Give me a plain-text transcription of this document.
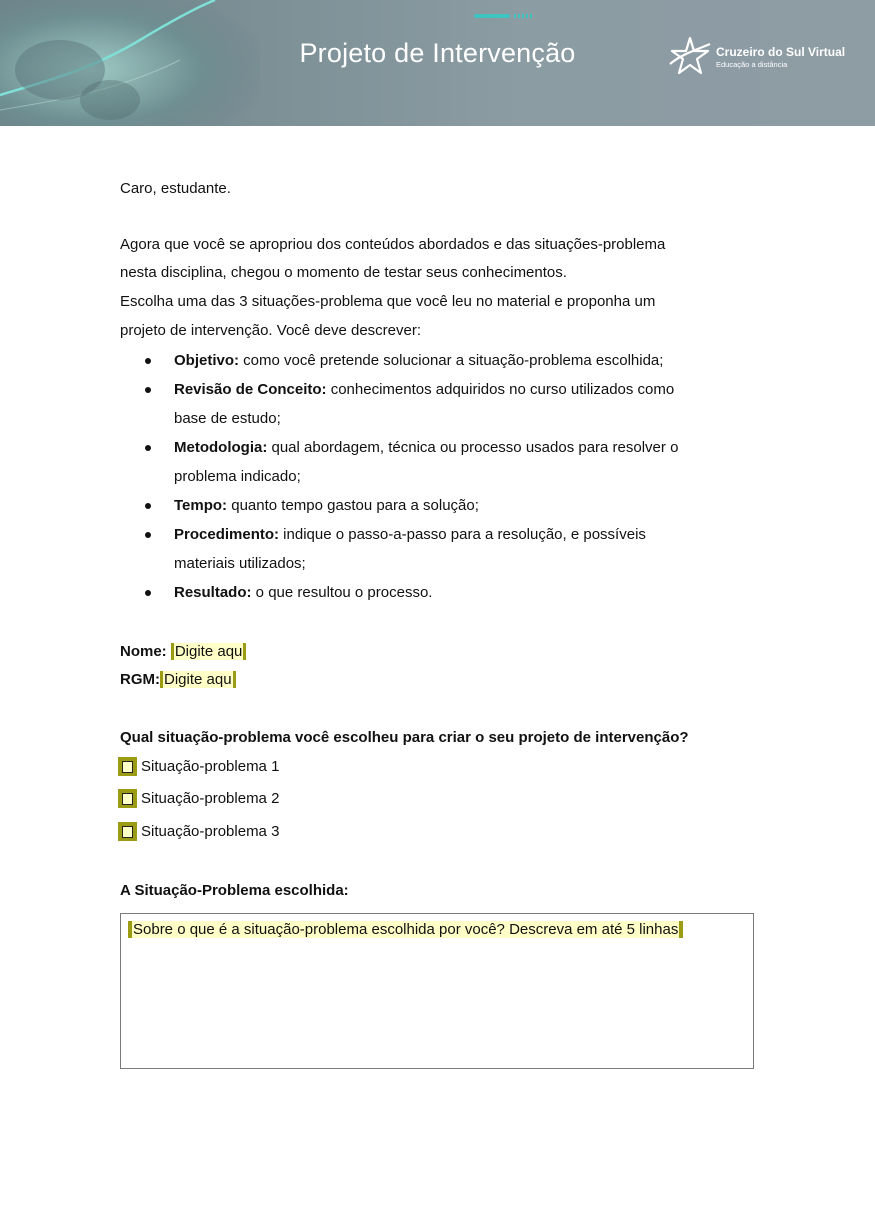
Projeto de Intervenção	Cruzeiro do Sul Virtual
Educação a distância
Caro, estudante.
Agora que você se apropriou dos conteúdos abordados e das situações-problema
nesta disciplina, chegou o momento de testar seus conhecimentos.
Escolha uma das 3 situações-problema que você leu no material e proponha um
projeto de intervenção. Você deve descrever:
Objetivo: como você pretende solucionar a situação-problema escolhida;
Revisão de Conceito: conhecimentos adquiridos no curso utilizados como
base de estudo;
Metodologia: qual abordagem, técnica ou processo usados para resolver o
problema indicado;
Tempo: quanto tempo gastou para a solução;
Procedimento: indique o passo-a-passo para a resolução, e possíveis
materiais utilizados;
Resultado: o que resultou o processo.
Nome: Digite aqu
RGM: Digite aqu
Qual situação-problema você escolheu para criar o seu projeto de intervenção?
Situação-problema 1
Situação-problema 2
Situação-problema 3
A Situação-Problema escolhida:
Sobre o que é a situação-problema escolhida por você? Descreva em até 5 linhas
